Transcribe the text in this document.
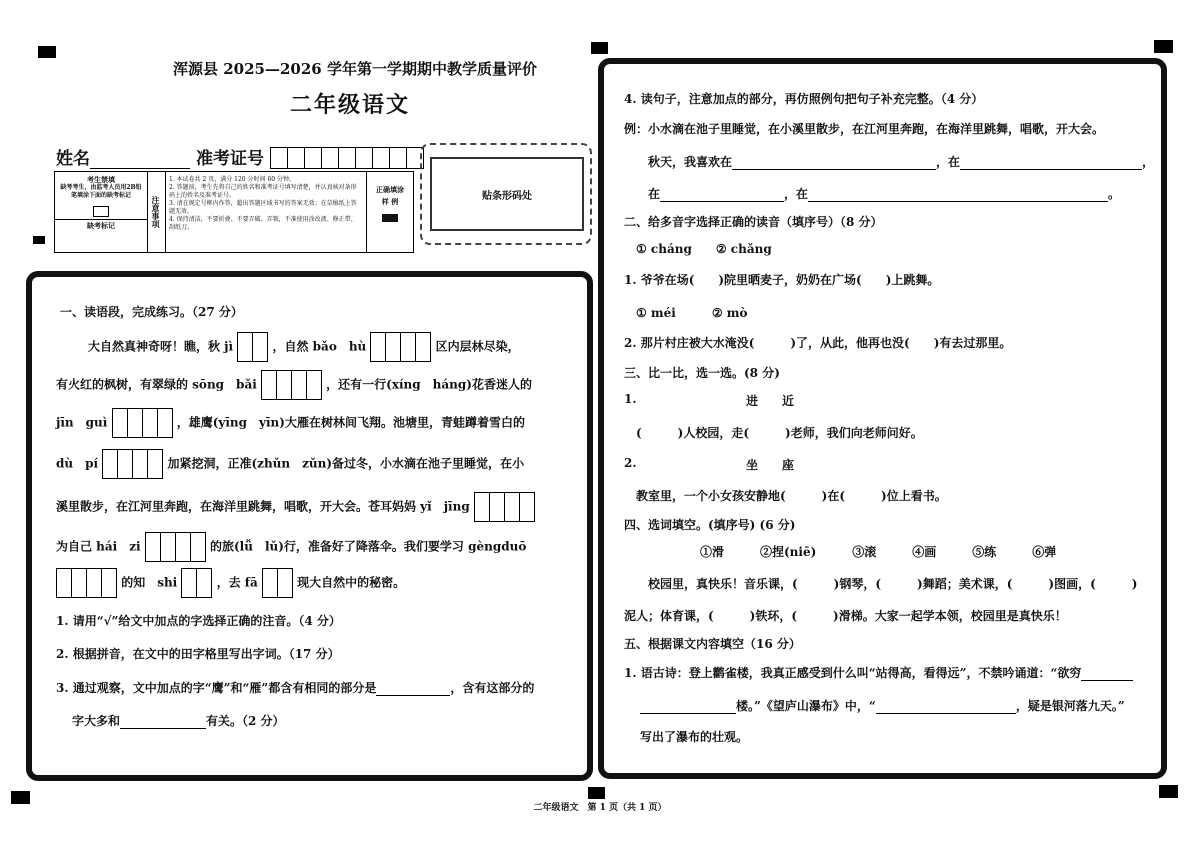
浑源县 2025—2026 学年第一学期期中教学质量评价
二年级语文
姓名	准考证号
考生禁填
缺考考生，由监考人员用2B铅笔填涂下面的缺考标记
缺考标记	注意事项
1. 本试卷共 2 页，满分 120 分时间 60 分钟。
2. 答题前，考生先将自己的姓名和准考证号填写清楚，并认真核对条形码上的姓名及准考证号。
3. 请在规定号框内作答，超出答题区域书写的答案无效；在草稿纸上答题无效。
4. 保持清洁，不要折叠、不要弄破、弄皱，不准使用涂改液、修正带、刮纸刀。
正确填涂
样 例	贴条形码处
一、读语段，完成练习。（27 分）
大自然真神奇呀！瞧，秋 jì	，自然 bǎo　hù	区内层林尽染，
有火红的枫树，有翠绿的 sōng　bǎi	，还有一行(xíng　háng)花香迷人的
jīn　guì	，雄鹰(yīng　yīn)大雁在树林间飞翔。池塘里，青蛙蹲着雪白的
dù　pí	加紧挖洞，正准(zhǔn　zǔn)备过冬，小水滴在池子里睡觉，在小
溪里散步，在江河里奔跑，在海洋里跳舞，唱歌，开大会。苍耳妈妈 yǐ　jīng
为自己 hái　zi	的旅(lǚ　lǔ)行，准备好了降落伞。我们要学习 gèngduō
的知　shi	，去 fā	现大自然中的秘密。
1. 请用“√”给文中加点的字选择正确的注音。（4 分）
2. 根据拼音，在文中的田字格里写出字词。（17 分）
3. 通过观察，文中加点的字“鹰”和“雁”都含有相同的部分是	，含有这部分的
字大多和	有关。（2 分）
4. 读句子，注意加点的部分，再仿照例句把句子补充完整。（4 分）
例：小水滴在池子里睡觉，在小溪里散步，在江河里奔跑，在海洋里跳舞，唱歌，开大会。
秋天，我喜欢在	，在	，
在	，在	。
二、给多音字选择正确的读音（填序号）（8 分）
① cháng　　② chǎng
1. 爷爷在场(　　)院里晒麦子，奶奶在广场(　　)上跳舞。
① méi　　　② mò
2. 那片村庄被大水淹没(　　　)了，从此，他再也没(　　)有去过那里。
三、比一比，选一选。(8 分)
1.	进　　近
(　　　)人校园，走(　　　)老师，我们向老师问好。
2.	坐　　座
教室里，一个小女孩安静地(　　　)在(　　　)位上看书。
四、选词填空。(填序号) (6 分)
①滑　　　②捏(niē)　　　③滚　　　④画　　　⑤练　　　⑥弹
校园里，真快乐！音乐课，(　　　)钢琴，(　　　)舞蹈；美术课，(　　　)图画，(　　　)
泥人；体育课，(　　　)铁环，(　　　)滑梯。大家一起学本领，校园里是真快乐！
五、根据课文内容填空（16 分）
1. 语古诗：登上鹳雀楼，我真正感受到什么叫“站得高，看得远”，不禁吟诵道：“欲穷
楼。”《望庐山瀑布》中，“	，疑是银河落九天。”
写出了瀑布的壮观。
二年级语文　第 1 页（共 1 页）
